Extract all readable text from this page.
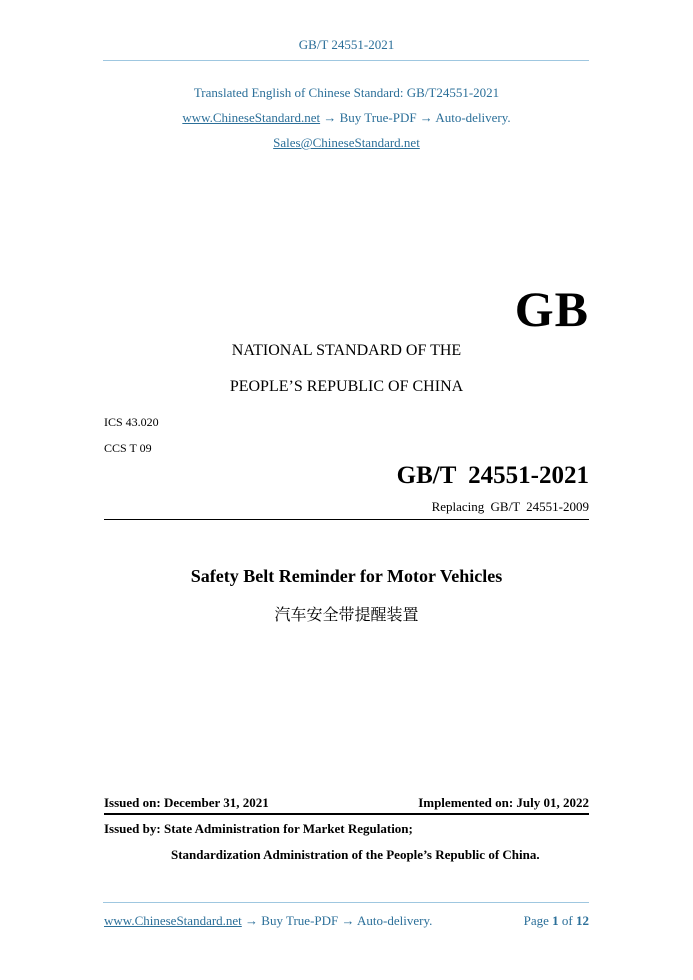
GB/T 24551-2021
Translated English of Chinese Standard: GB/T24551-2021
www.ChineseStandard.net → Buy True-PDF → Auto-delivery.
Sales@ChineseStandard.net
GB
NATIONAL STANDARD OF THE
PEOPLE’S REPUBLIC OF CHINA
ICS 43.020
CCS T 09
GB/T 24551-2021
Replacing GB/T 24551-2009
Safety Belt Reminder for Motor Vehicles
汽车安全带提醒装置
Issued on: December 31, 2021	Implemented on: July 01, 2022
Issued by: State Administration for Market Regulation;
Standardization Administration of the People’s Republic of China.
www.ChineseStandard.net → Buy True-PDF → Auto-delivery.	Page 1 of 12
